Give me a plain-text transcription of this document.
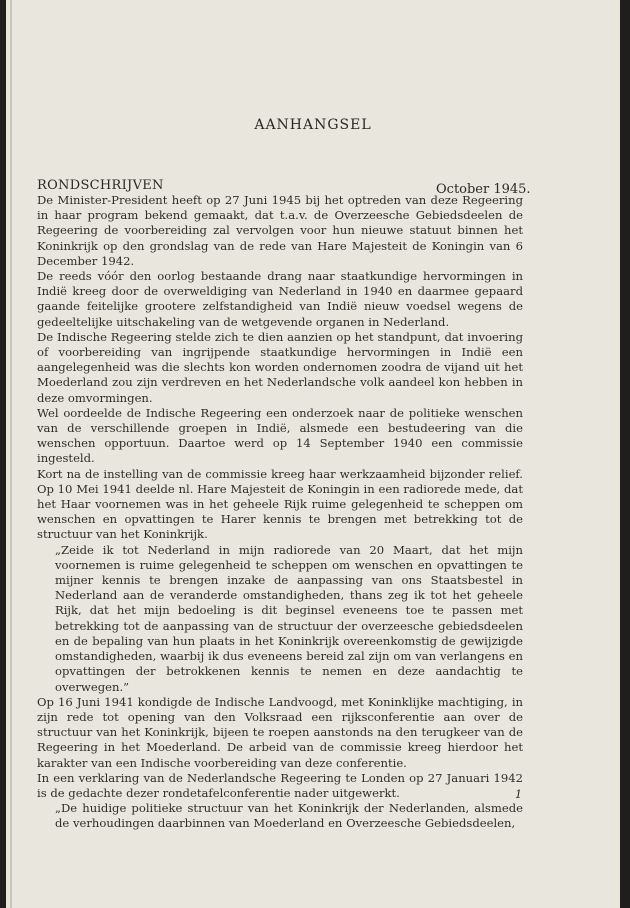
AANHANGSEL

RONDSCHRIJVEN	October 1945.

De Minister-President heeft op 27 Juni 1945 bij het optreden van deze Regeering in haar program bekend gemaakt, dat t.a.v. de Overzeesche Gebiedsdeelen de Regeering de voorbereiding zal vervolgen voor hun nieuwe statuut binnen het Koninkrijk op den grondslag van de rede van Hare Majesteit de Koningin van 6 December 1942.

De reeds vóór den oorlog bestaande drang naar staatkundige hervormingen in Indië kreeg door de overweldiging van Nederland in 1940 en daarmee gepaard gaande feitelijke grootere zelfstandigheid van Indië nieuw voedsel wegens de gedeeltelijke uitschakeling van de wetgevende organen in Nederland.

De Indische Regeering stelde zich te dien aanzien op het standpunt, dat invoering of voorbereiding van ingrijpende staatkundige hervormingen in Indië een aangelegenheid was die slechts kon worden ondernomen zoodra de vijand uit het Moederland zou zijn verdreven en het Nederlandsche volk aandeel kon hebben in deze omvormingen.

Wel oordeelde de Indische Regeering een onderzoek naar de politieke wenschen van de verschillende groepen in Indië, alsmede een bestudeering van die wenschen opportuun. Daartoe werd op 14 September 1940 een commissie ingesteld.

Kort na de instelling van de commissie kreeg haar werkzaamheid bijzonder relief. Op 10 Mei 1941 deelde nl. Hare Majesteit de Koningin in een radiorede mede, dat het Haar voornemen was in het geheele Rijk ruime gelegenheid te scheppen om wenschen en opvattingen te Harer kennis te brengen met betrekking tot de structuur van het Koninkrijk.

„Zeide ik tot Nederland in mijn radiorede van 20 Maart, dat het mijn voornemen is ruime gelegenheid te scheppen om wenschen en opvattingen te mijner kennis te brengen inzake de aanpassing van ons Staatsbestel in Nederland aan de veranderde omstandigheden, thans zeg ik tot het geheele Rijk, dat het mijn bedoeling is dit beginsel eveneens toe te passen met betrekking tot de aanpassing van de structuur der overzeesche gebiedsdeelen en de bepaling van hun plaats in het Koninkrijk overeenkomstig de gewijzigde omstandigheden, waarbij ik dus eveneens bereid zal zijn om van verlangens en opvattingen der betrokkenen kennis te nemen en deze aandachtig te overwegen.”

Op 16 Juni 1941 kondigde de Indische Landvoogd, met Koninklijke machtiging, in zijn rede tot opening van den Volksraad een rijksconferentie aan over de structuur van het Koninkrijk, bijeen te roepen aanstonds na den terugkeer van de Regeering in het Moederland. De arbeid van de commissie kreeg hierdoor het karakter van een Indische voorbereiding van deze conferentie.

In een verklaring van de Nederlandsche Regeering te Londen op 27 Januari 1942 is de gedachte dezer rondetafelconferentie nader uitgewerkt.

„De huidige politieke structuur van het Koninkrijk der Nederlanden, alsmede de verhoudingen daarbinnen van Moederland en Overzeesche Gebiedsdeelen,

1
